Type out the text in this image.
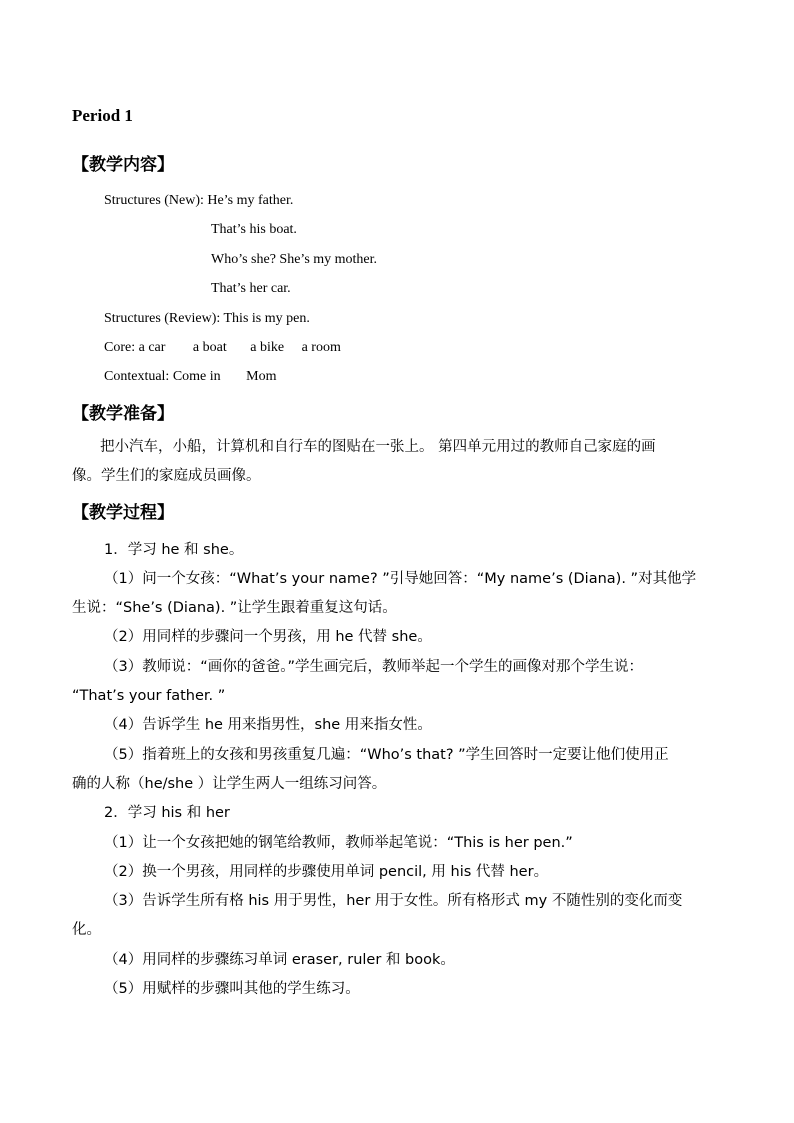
Period 1
【教学内容】
Structures (New): He’s my father.
That’s his boat.
Who’s she? She’s my mother.
That’s her car.
Structures (Review): This is my pen.
Core: a car a boat a bike a room
Contextual: Come in Mom
【教学准备】
把小汽车，小船，计算机和自行车的图贴在一张上。 第四单元用过的教师自己家庭的画
像。学生们的家庭成员画像。
【教学过程】
1．学习 he 和 she。
（1）问一个女孩：“What’s your name? ”引导她回答：“My name’s (Diana). ”对其他学
生说：“She’s (Diana). ”让学生跟着重复这句话。
（2）用同样的步骤问一个男孩，用 he 代替 she。
（3）教师说：“画你的爸爸。”学生画完后，教师举起一个学生的画像对那个学生说：
“That’s your father. ”
（4）告诉学生 he 用来指男性，she 用来指女性。
（5）指着班上的女孩和男孩重复几遍：“Who’s that? ”学生回答时一定要让他们使用正
确的人称（he/she ）让学生两人一组练习问答。
2．学习 his 和 her
（1）让一个女孩把她的钢笔给教师，教师举起笔说：“This is her pen.”
（2）换一个男孩，用同样的步骤使用单词 pencil, 用 his 代替 her。
（3）告诉学生所有格 his 用于男性，her 用于女性。所有格形式 my 不随性别的变化而变
化。
（4）用同样的步骤练习单词 eraser, ruler 和 book。
（5）用赋样的步骤叫其他的学生练习。
